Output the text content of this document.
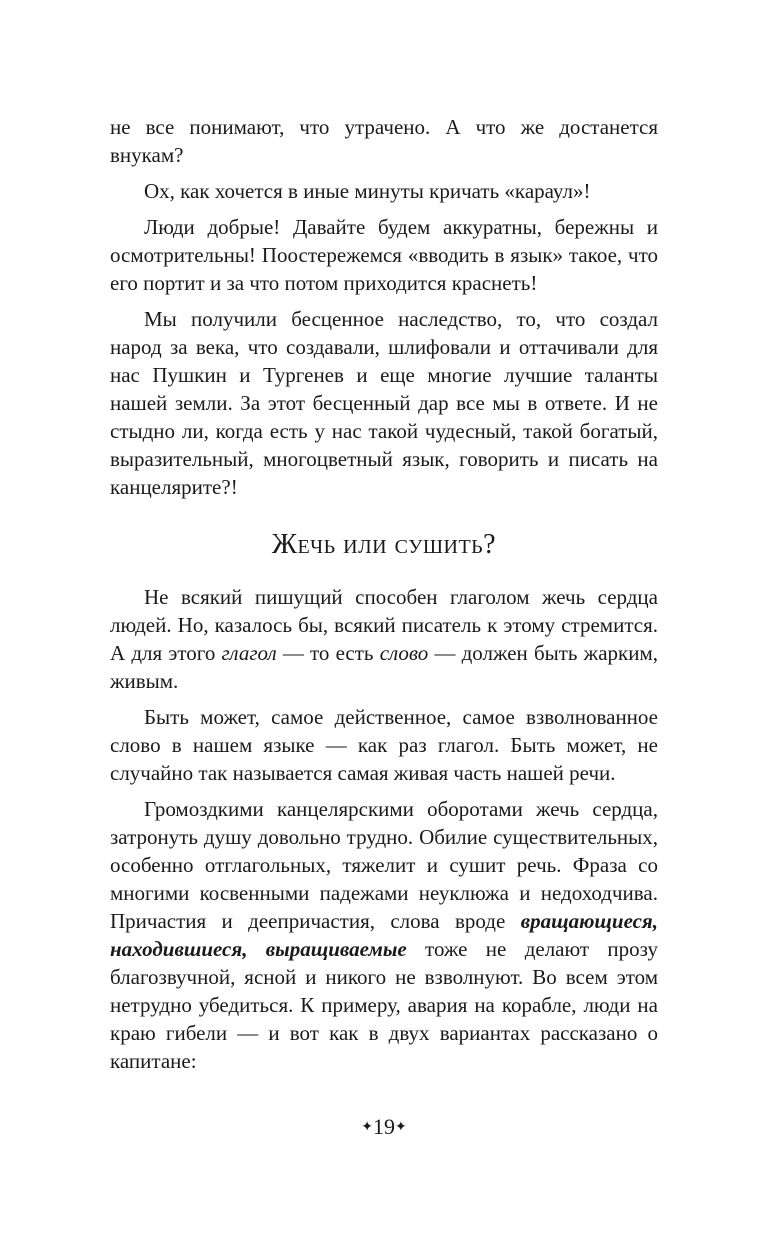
не все понимают, что утрачено. А что же достанется внукам?

Ох, как хочется в иные минуты кричать «караул»!

Люди добрые! Давайте будем аккуратны, бережны и осмотрительны! Поостережемся «вводить в язык» такое, что его портит и за что потом приходится краснеть!

Мы получили бесценное наследство, то, что создал народ за века, что создавали, шлифовали и оттачивали для нас Пушкин и Тургенев и еще многие лучшие таланты нашей земли. За этот бесценный дар все мы в ответе. И не стыдно ли, когда есть у нас такой чудесный, такой богатый, выразительный, многоцветный язык, говорить и писать на канцелярите?!

Жечь или сушить?

Не всякий пишущий способен глаголом жечь сердца людей. Но, казалось бы, всякий писатель к этому стремится. А для этого глагол — то есть слово — должен быть жарким, живым.

Быть может, самое действенное, самое взволнованное слово в нашем языке — как раз глагол. Быть может, не случайно так называется самая живая часть нашей речи.

Громоздкими канцелярскими оборотами жечь сердца, затронуть душу довольно трудно. Обилие существительных, особенно отглагольных, тяжелит и сушит речь. Фраза со многими косвенными падежами неуклюжа и недоходчива. Причастия и деепричастия, слова вроде вращающиеся, находившиеся, выращиваемые тоже не делают прозу благозвучной, ясной и никого не взволнуют. Во всем этом нетрудно убедиться. К примеру, авария на корабле, люди на краю гибели — и вот как в двух вариантах рассказано о капитане:

✦19✦
